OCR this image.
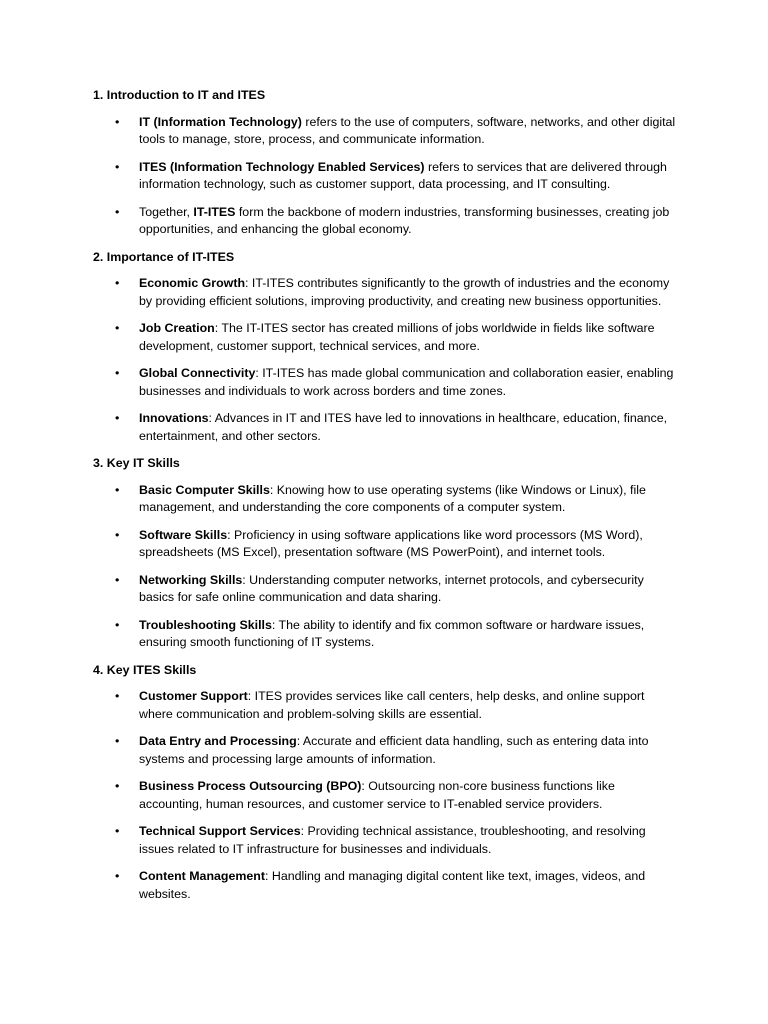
1. Introduction to IT and ITES
• IT (Information Technology) refers to the use of computers, software, networks, and other digital tools to manage, store, process, and communicate information.
• ITES (Information Technology Enabled Services) refers to services that are delivered through information technology, such as customer support, data processing, and IT consulting.
• Together, IT-ITES form the backbone of modern industries, transforming businesses, creating job opportunities, and enhancing the global economy.
2. Importance of IT-ITES
• Economic Growth: IT-ITES contributes significantly to the growth of industries and the economy by providing efficient solutions, improving productivity, and creating new business opportunities.
• Job Creation: The IT-ITES sector has created millions of jobs worldwide in fields like software development, customer support, technical services, and more.
• Global Connectivity: IT-ITES has made global communication and collaboration easier, enabling businesses and individuals to work across borders and time zones.
• Innovations: Advances in IT and ITES have led to innovations in healthcare, education, finance, entertainment, and other sectors.
3. Key IT Skills
• Basic Computer Skills: Knowing how to use operating systems (like Windows or Linux), file management, and understanding the core components of a computer system.
• Software Skills: Proficiency in using software applications like word processors (MS Word), spreadsheets (MS Excel), presentation software (MS PowerPoint), and internet tools.
• Networking Skills: Understanding computer networks, internet protocols, and cybersecurity basics for safe online communication and data sharing.
• Troubleshooting Skills: The ability to identify and fix common software or hardware issues, ensuring smooth functioning of IT systems.
4. Key ITES Skills
• Customer Support: ITES provides services like call centers, help desks, and online support where communication and problem-solving skills are essential.
• Data Entry and Processing: Accurate and efficient data handling, such as entering data into systems and processing large amounts of information.
• Business Process Outsourcing (BPO): Outsourcing non-core business functions like accounting, human resources, and customer service to IT-enabled service providers.
• Technical Support Services: Providing technical assistance, troubleshooting, and resolving issues related to IT infrastructure for businesses and individuals.
• Content Management: Handling and managing digital content like text, images, videos, and websites.
